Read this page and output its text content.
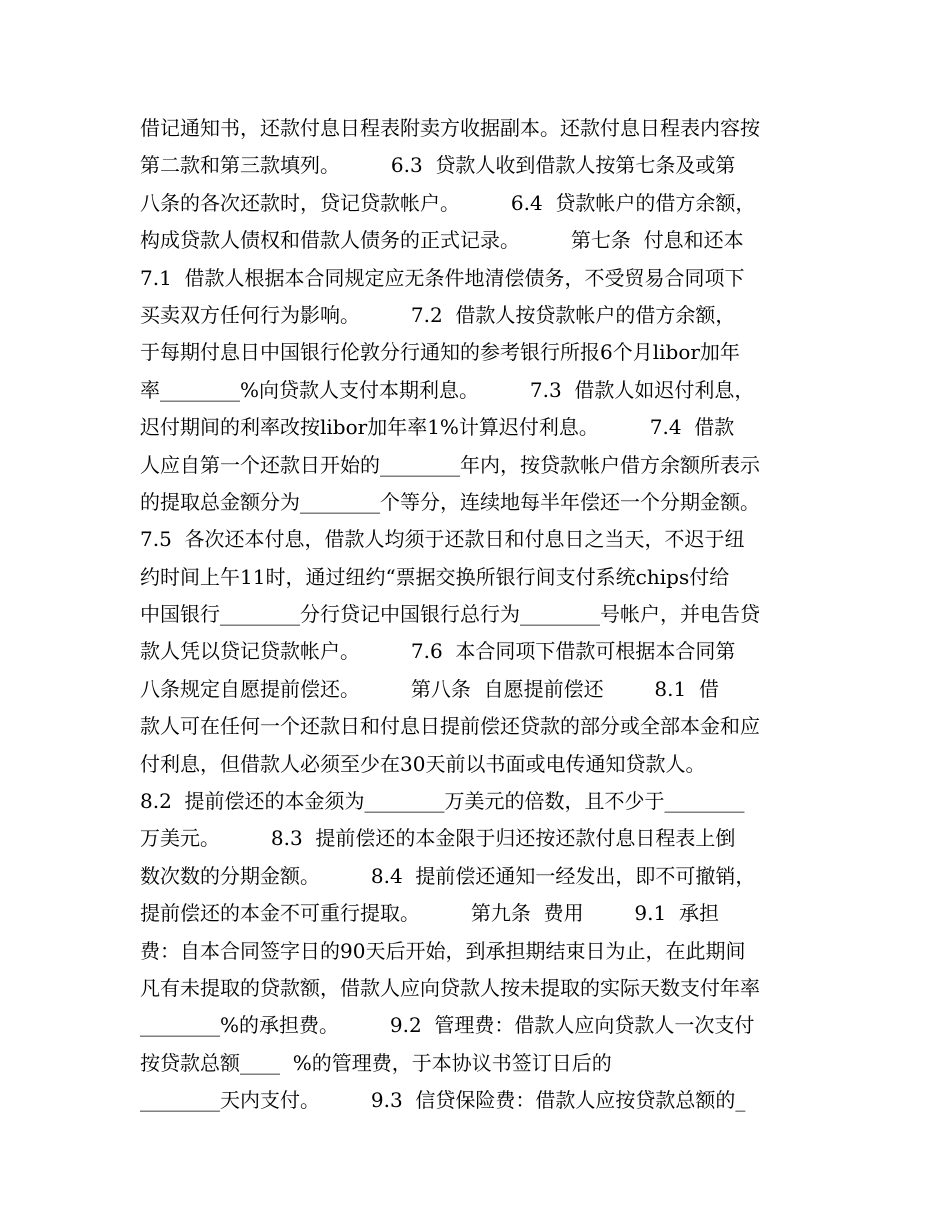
借记通知书，还款付息日程表附卖方收据副本。还款付息日程表内容按
第二款和第三款填列。        6.3  贷款人收到借款人按第七条及或第
八条的各次还款时，贷记贷款帐户。        6.4  贷款帐户的借方余额，
构成贷款人债权和借款人债务的正式记录。        第七条  付息和还本
7.1  借款人根据本合同规定应无条件地清偿债务，不受贸易合同项下
买卖双方任何行为影响。        7.2  借款人按贷款帐户的借方余额，
于每期付息日中国银行伦敦分行通知的参考银行所报6个月libor加年
率________%向贷款人支付本期利息。        7.3  借款人如迟付利息，
迟付期间的利率改按libor加年率1%计算迟付利息。        7.4  借款
人应自第一个还款日开始的________年内，按贷款帐户借方余额所表示
的提取总金额分为________个等分，连续地每半年偿还一个分期金额。
7.5  各次还本付息，借款人均须于还款日和付息日之当天，不迟于纽
约时间上午11时，通过纽约“票据交换所银行间支付系统chips付给
中国银行________分行贷记中国银行总行为________号帐户，并电告贷
款人凭以贷记贷款帐户。        7.6  本合同项下借款可根据本合同第
八条规定自愿提前偿还。        第八条  自愿提前偿还        8.1  借
款人可在任何一个还款日和付息日提前偿还贷款的部分或全部本金和应
付利息，但借款人必须至少在30天前以书面或电传通知贷款人。
8.2  提前偿还的本金须为________万美元的倍数，且不少于________
万美元。        8.3  提前偿还的本金限于归还按还款付息日程表上倒
数次数的分期金额。        8.4  提前偿还通知一经发出，即不可撤销，
提前偿还的本金不可重行提取。        第九条  费用        9.1  承担
费：自本合同签字日的90天后开始，到承担期结束日为止，在此期间
凡有未提取的贷款额，借款人应向贷款人按未提取的实际天数支付年率
________%的承担费。        9.2  管理费：借款人应向贷款人一次支付
按贷款总额____  %的管理费，于本协议书签订日后的
________天内支付。        9.3  信贷保险费：借款人应按贷款总额的_
